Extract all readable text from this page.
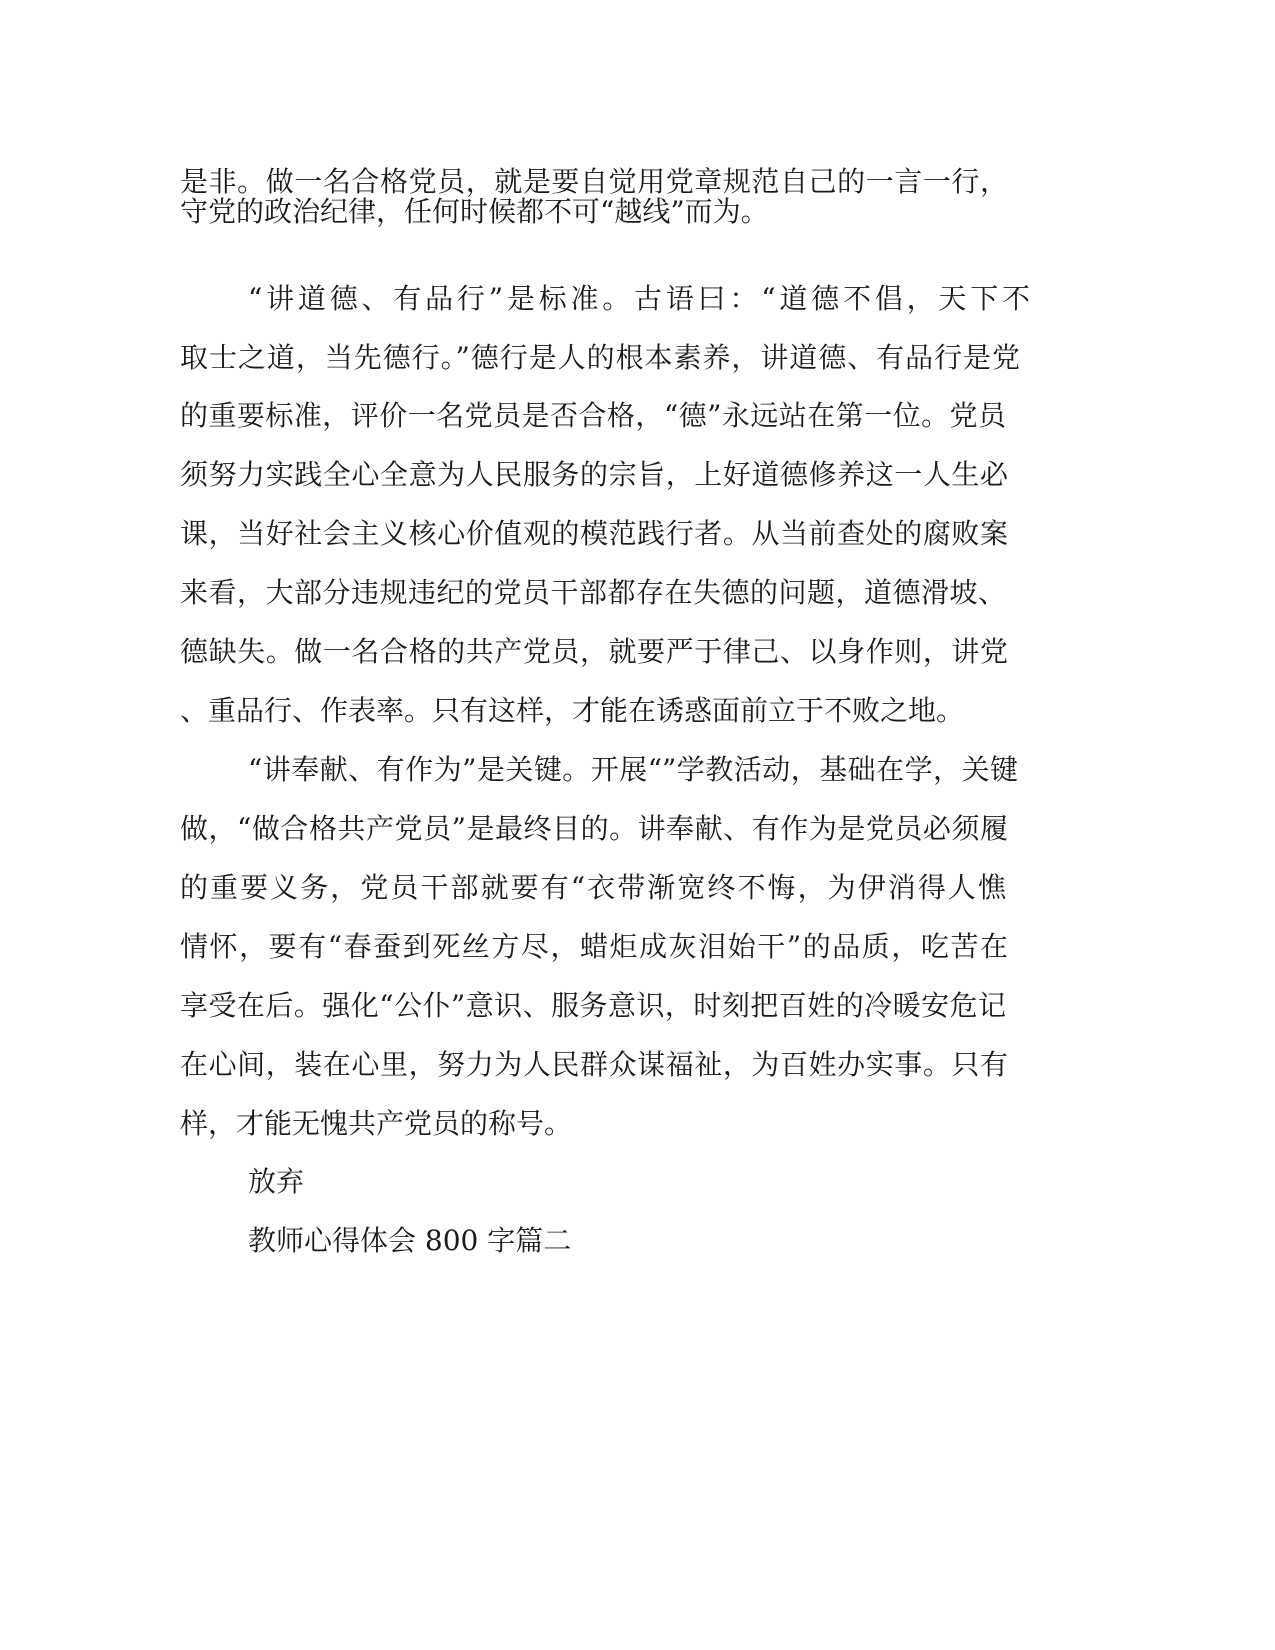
是非。做一名合格党员，就是要自觉用党章规范自己的一言一行，
守党的政治纪律，任何时候都不可“越线”而为。
“讲道德、有品行”是标准。古语曰：“道德不倡，天下不
取士之道，当先德行。”德行是人的根本素养，讲道德、有品行是党
的重要标准，评价一名党员是否合格，“德”永远站在第一位。党员
须努力实践全心全意为人民服务的宗旨，上好道德修养这一人生必
课，当好社会主义核心价值观的模范践行者。从当前查处的腐败案
来看，大部分违规违纪的党员干部都存在失德的问题，道德滑坡、
德缺失。做一名合格的共产党员，就要严于律己、以身作则，讲党
、重品行、作表率。只有这样，才能在诱惑面前立于不败之地。
“讲奉献、有作为”是关键。开展“”学教活动，基础在学，关键
做，“做合格共产党员”是最终目的。讲奉献、有作为是党员必须履
的重要义务，党员干部就要有“衣带渐宽终不悔，为伊消得人憔
情怀，要有“春蚕到死丝方尽，蜡炬成灰泪始干”的品质，吃苦在
享受在后。强化“公仆”意识、服务意识，时刻把百姓的冷暖安危记
在心间，装在心里，努力为人民群众谋福祉，为百姓办实事。只有
样，才能无愧共产党员的称号。
放弃
教师心得体会 800 字篇二
